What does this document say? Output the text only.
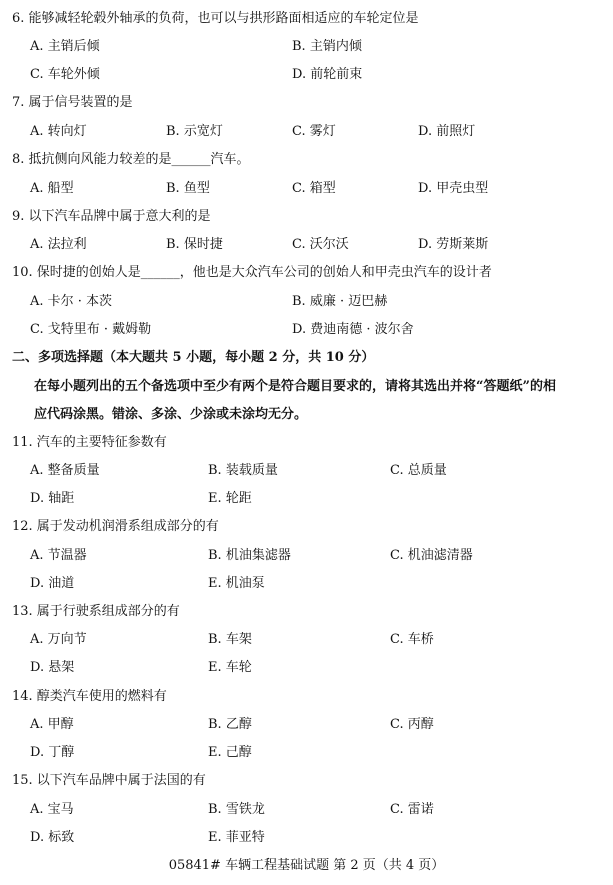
6. 能够减轻轮毂外轴承的负荷，也可以与拱形路面相适应的车轮定位是
A. 主销后倾	B. 主销内倾
C. 车轮外倾	D. 前轮前束
7. 属于信号装置的是
A. 转向灯	B. 示宽灯	C. 雾灯	D. 前照灯
8. 抵抗侧向风能力较差的是______汽车。
A. 船型	B. 鱼型	C. 箱型	D. 甲壳虫型
9. 以下汽车品牌中属于意大利的是
A. 法拉利	B. 保时捷	C. 沃尔沃	D. 劳斯莱斯
10. 保时捷的创始人是______，他也是大众汽车公司的创始人和甲壳虫汽车的设计者
A. 卡尔 · 本茨	B. 威廉 · 迈巴赫
C. 戈特里布 · 戴姆勒	D. 费迪南德 · 波尔舍
二、多项选择题（本大题共 5 小题，每小题 2 分，共 10 分）
在每小题列出的五个备选项中至少有两个是符合题目要求的，请将其选出并将“答题纸”的相
应代码涂黑。错涂、多涂、少涂或未涂均无分。
11. 汽车的主要特征参数有
A. 整备质量	B. 装载质量	C. 总质量
D. 轴距	E. 轮距
12. 属于发动机润滑系组成部分的有
A. 节温器	B. 机油集滤器	C. 机油滤清器
D. 油道	E. 机油泵
13. 属于行驶系组成部分的有
A. 万向节	B. 车架	C. 车桥
D. 悬架	E. 车轮
14. 醇类汽车使用的燃料有
A. 甲醇	B. 乙醇	C. 丙醇
D. 丁醇	E. 己醇
15. 以下汽车品牌中属于法国的有
A. 宝马	B. 雪铁龙	C. 雷诺
D. 标致	E. 菲亚特
05841# 车辆工程基础试题 第 2 页（共 4 页）
